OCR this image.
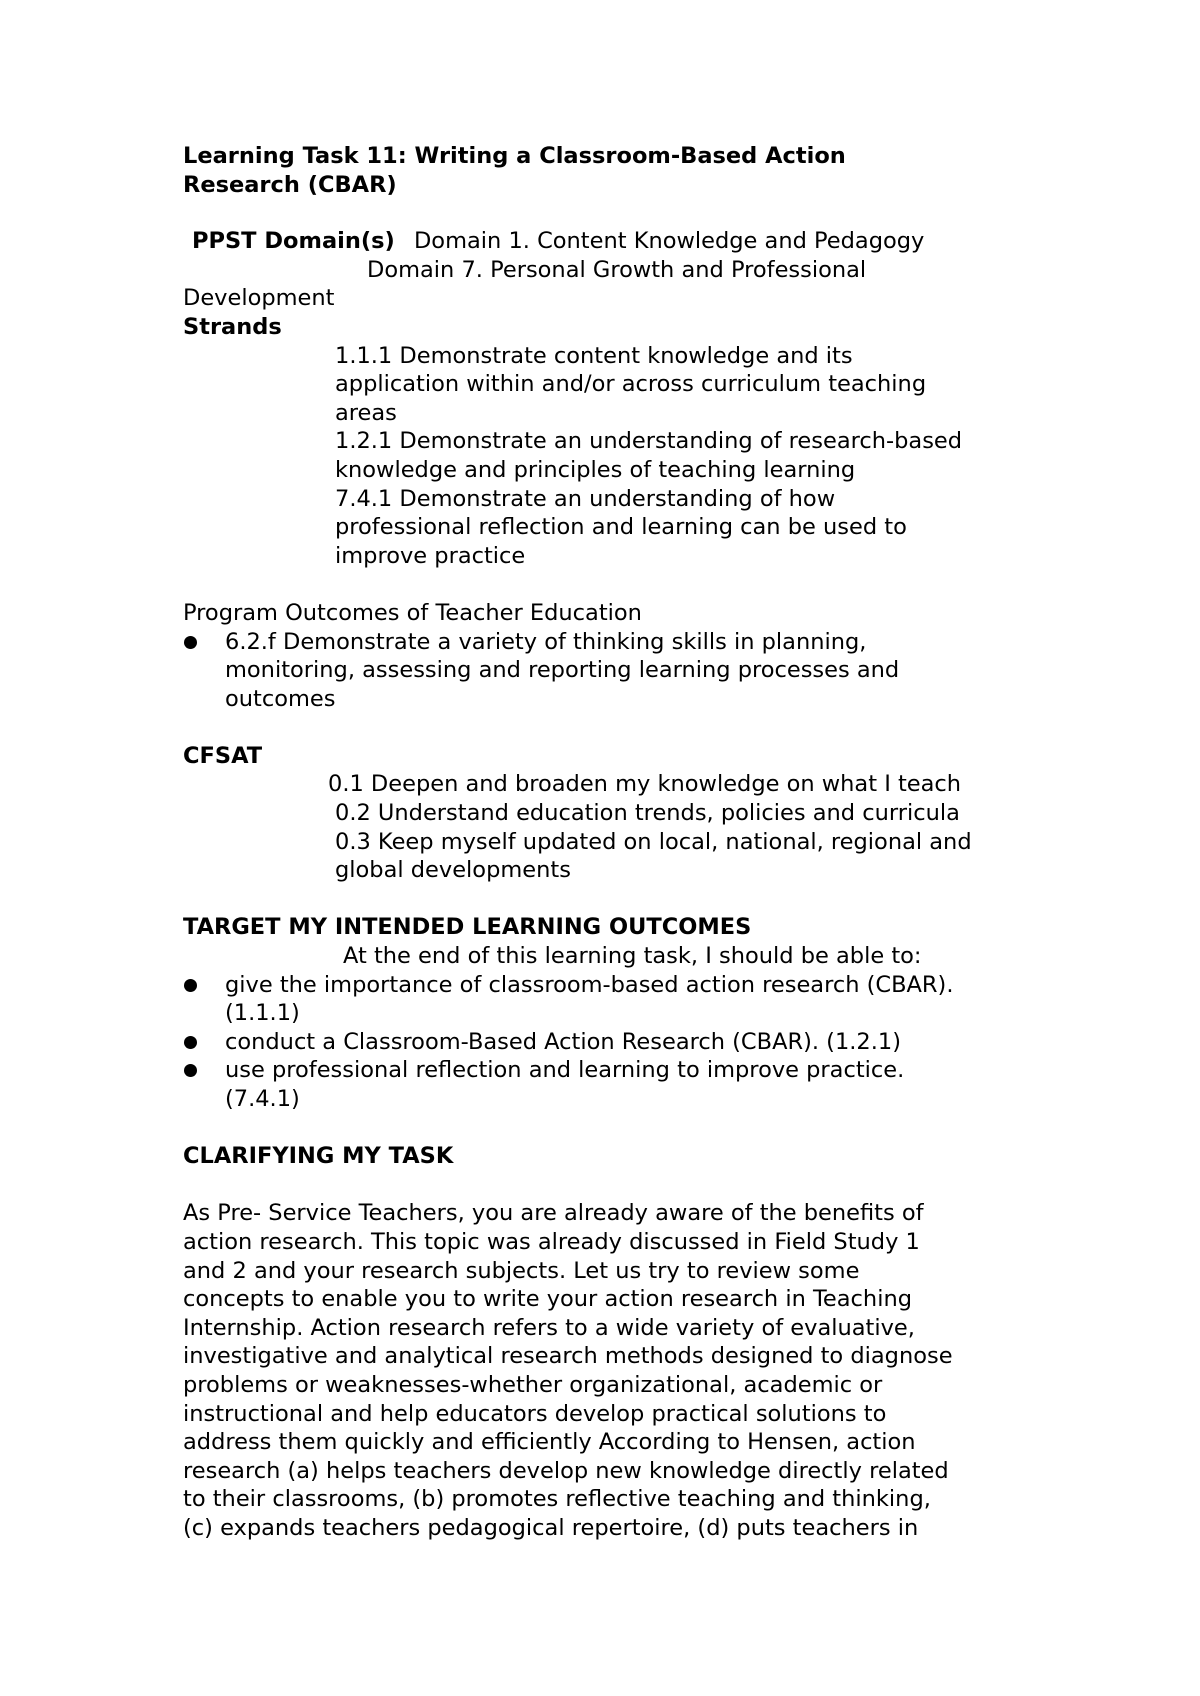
Learning Task 11: Writing a Classroom-Based Action
Research (CBAR)
PPST Domain(s) Domain 1. Content Knowledge and Pedagogy
Domain 7. Personal Growth and Professional
Development
Strands
1.1.1 Demonstrate content knowledge and its
application within and/or across curriculum teaching
areas
1.2.1 Demonstrate an understanding of research-based
knowledge and principles of teaching learning
7.4.1 Demonstrate an understanding of how
professional reflection and learning can be used to
improve practice
Program Outcomes of Teacher Education
6.2.f Demonstrate a variety of thinking skills in planning,
monitoring, assessing and reporting learning processes and
outcomes
CFSAT
0.1 Deepen and broaden my knowledge on what I teach
0.2 Understand education trends, policies and curricula
0.3 Keep myself updated on local, national, regional and
global developments
TARGET MY INTENDED LEARNING OUTCOMES
At the end of this learning task, I should be able to:
give the importance of classroom-based action research (CBAR).
(1.1.1)
conduct a Classroom-Based Action Research (CBAR). (1.2.1)
use professional reflection and learning to improve practice.
(7.4.1)
CLARIFYING MY TASK
As Pre- Service Teachers, you are already aware of the benefits of
action research. This topic was already discussed in Field Study 1
and 2 and your research subjects. Let us try to review some
concepts to enable you to write your action research in Teaching
Internship. Action research refers to a wide variety of evaluative,
investigative and analytical research methods designed to diagnose
problems or weaknesses-whether organizational, academic or
instructional and help educators develop practical solutions to
address them quickly and efficiently According to Hensen, action
research (a) helps teachers develop new knowledge directly related
to their classrooms, (b) promotes reflective teaching and thinking,
(c) expands teachers pedagogical repertoire, (d) puts teachers in
